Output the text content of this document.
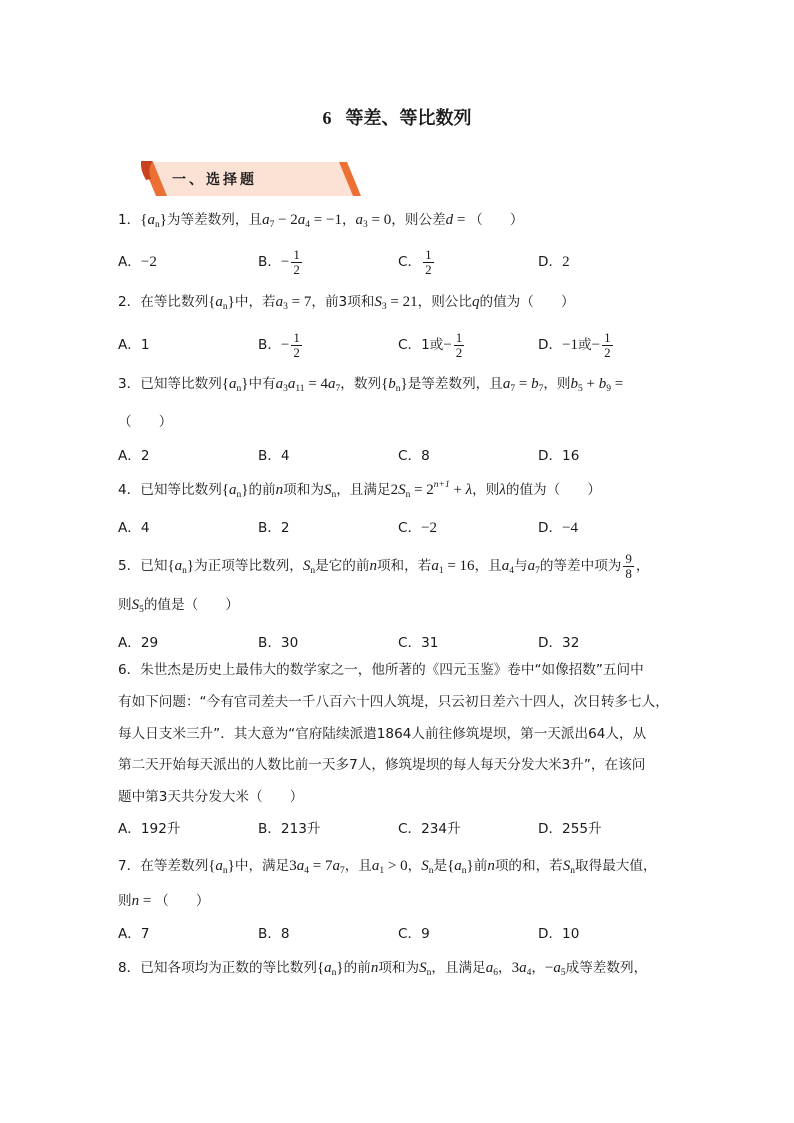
6 等差、等比数列
一、选择题
1．$\{a_n\}$为等差数列，且$a_7 - 2a_4 = -1$，$a_3 = 0$，则公差d = （　　）
A．−2	B．− $\frac{1}{2}$	C． $\frac{1}{2}$	D．2
2．在等比数列$\{a_n\}$中，若$a_3 = 7$，前3项和$S_3 = 21$，则公比q的值为（　　）
A．1	B．− $\frac{1}{2}$	C．1或− $\frac{1}{2}$	D．−1或− $\frac{1}{2}$
3．已知等比数列$\{a_n\}$中有$a_3a_{11} = 4a_7$，数列$\{b_n\}$是等差数列，且$a_7 = b_7$，则$b_5 + b_9$ =
（　　）
A．2	B．4	C．8	D．16
4．已知等比数列$\{a_n\}$的前n项和为$S_n$，且满足$2S_n = 2^{n+1} + \lambda$，则λ的值为（　　）
A．4	B．2	C．−2	D．−4
5．已知$\{a_n\}$为正项等比数列，$S_n$是它的前n项和，若$a_1 = 16$，且$a_4$与$a_7$的等差中项为 $\frac{9}{8}$ ，
则$S_5$的值是（　　）
A．29	B．30	C．31	D．32
6．朱世杰是历史上最伟大的数学家之一，他所著的《四元玉鉴》卷中“如像招数”五问中
有如下问题：“今有官司差夫一千八百六十四人筑堤，只云初日差六十四人，次日转多七人，
每人日支米三升”．其大意为“官府陆续派遣1864人前往修筑堤坝，第一天派出64人，从
第二天开始每天派出的人数比前一天多7人，修筑堤坝的每人每天分发大米3升”，在该问
题中第3天共分发大米（　　）
A．192升	B．213升	C．234升	D．255升
7．在等差数列$\{a_n\}$中，满足$3a_4 = 7a_7$，且$a_1 > 0$，$S_n$是$\{a_n\}$前n项的和，若$S_n$取得最大值，
则n = （　　）
A．7	B．8	C．9	D．10
8．已知各项均为正数的等比数列$\{a_n\}$的前n项和为$S_n$，且满足$a_6$，$3a_4$，$-a_5$成等差数列，
